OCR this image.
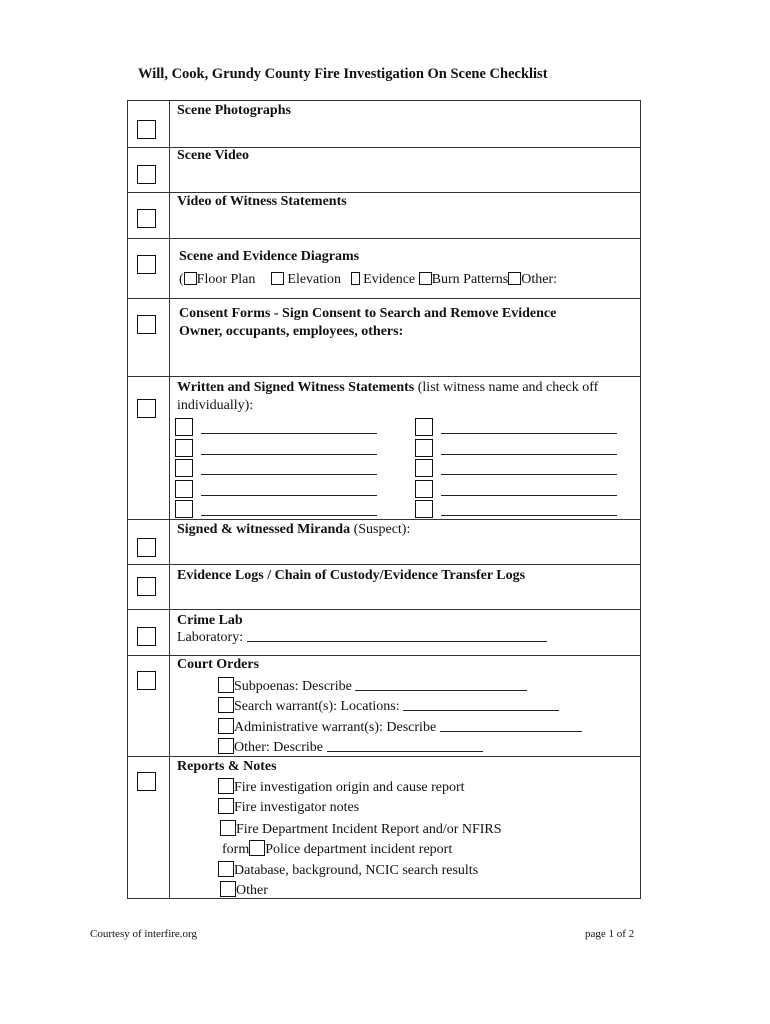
Will, Cook, Grundy County Fire Investigation On Scene Checklist
Scene Photographs
Scene Video
Video of Witness Statements
Scene and Evidence Diagrams
( Floor Plan Elevation Evidence Burn Patterns Other:
Consent Forms - Sign Consent to Search and Remove Evidence
Owner, occupants, employees, others:
Written and Signed Witness Statements (list witness name and check off
individually):
Signed & witnessed Miranda (Suspect):
Evidence Logs / Chain of Custody/Evidence Transfer Logs
Crime Lab
Laboratory:
Court Orders
Subpoenas: Describe
Search warrant(s): Locations:
Administrative warrant(s): Describe
Other: Describe
Reports & Notes
Fire investigation origin and cause report
Fire investigator notes
Fire Department Incident Report and/or NFIRS
form Police department incident report
Database, background, NCIC search results
Other
Courtesy of interfire.org	page 1 of 2
